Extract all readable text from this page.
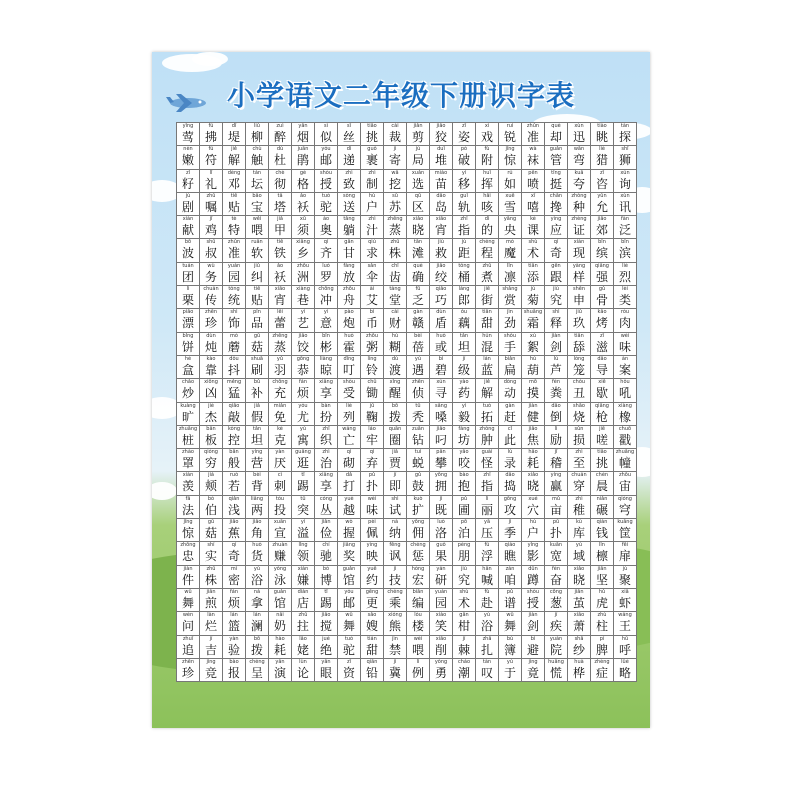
小学语文二年级下册识字表
yīng
莺
fú
拂
dī
堤
liǔ
柳
zuì
醉
yān
烟
sì
似
sī
丝
tiāo
挑
cái
裁
jiǎn
剪
jiǎo
狡
zī
姿
xì
戏
ruì
锐
zhǔn
准
què
却
xùn
迅
tiào
眺
tàn
探
nèn
嫩
fú
符
jiě
解
chù
触
dù
杜
juān
鹃
yóu
邮
dì
递
guǒ
裹
jì
寄
jú
局
duī
堆
pò
破
fù
附
jīng
惊
wà
袜
guǎn
管
wān
弯
liè
猎
shī
狮
zǐ
籽
lǐ
礼
dèng
邓
tán
坛
chè
彻
gé
格
shòu
授
zhì
致
zhì
制
wā
挖
xuǎn
选
miáo
苗
yí
移
huī
挥
rú
如
pēn
喷
tǐng
挺
kuā
夸
zī
咨
xún
询
jù
剧
zhǔ
嘱
tiē
贴
bǎo
宝
tǎ
塔
ǎo
袄
tuó
驼
sòng
送
hù
户
sū
苏
qū
区
dǎo
岛
guǐ
轨
hāi
咳
xuě
雪
xī
嘻
chān
搀
zhǒng
种
yǔn
允
xùn
讯
xiàn
献
jī
鸡
tè
特
wěi
喂
jiǎ
甲
xū
须
ào
奥
tǎng
躺
zhì
汁
zhēng
蒸
xiǎo
晓
xiāo
宵
zhǐ
指
dì
的
yāng
央
kè
课
yìng
应
zhèng
证
jiāo
郊
fàn
泛
bō
波
shū
叔
zhǔn
准
ruǎn
软
tiě
铁
xiāng
乡
qí
齐
gān
甘
qiú
求
zhū
株
tān
滩
jiù
救
jù
距
chéng
程
mó
魔
shù
术
qí
奇
xiàn
现
bīn
缤
bīn
滨
tuán
团
wù
务
yuán
园
jiǔ
纠
ǎo
袄
zhōu
洲
luó
罗
fàng
放
sǎn
伞
chǐ
齿
què
确
jiǎo
绞
tǒng
桶
zhǔ
煮
lǐn
凛
tiān
添
gēn
跟
yàng
样
qiǎng
强
liè
烈
lì
栗
chuán
传
tǒng
统
tiē
贴
xiāo
宵
xiàng
巷
chōng
冲
zhōu
舟
ài
艾
táng
堂
fū
乏
qiǎo
巧
láng
郎
jiē
街
shǎng
赏
jú
菊
jiù
究
shēn
申
gǔ
骨
lèi
类
piāo
漂
zhēn
珍
shì
饰
pǐn
品
lěi
蕾
yì
艺
yì
意
pào
炮
bì
币
cái
财
gàn
赣
dùn
盾
ǒu
藕
tiān
甜
jìn
劲
shuāng
霜
shì
释
jiǔ
玖
kǎo
烤
ròu
肉
bǐng
饼
dùn
炖
mó
蘑
gū
菇
zhēng
蒸
jiǎo
饺
bīn
彬
huò
霍
zhōu
粥
hú
糊
bèi
蓓
huò
或
tǎn
坦
hún
混
shǒu
手
xù
絮
jiàn
剑
tiǎn
舔
zī
滋
wèi
味
hé
盒
kào
靠
dǒu
抖
shuā
刷
yǔ
羽
gōng
恭
liàng
晾
dīng
叮
líng
铃
dù
渡
yù
遇
bì
碧
jí
级
lán
蓝
biǎn
扁
hú
葫
lú
芦
lóng
笼
dǎo
导
àn
案
chǎo
炒
xiōng
凶
měng
猛
bǔ
补
chōng
充
fán
烦
xiǎng
享
shòu
受
chū
锄
xǐng
醒
zhēn
侦
xún
寻
yào
药
jiě
解
dòng
动
mō
摸
fèn
粪
chǒu
丑
xiē
歇
hǒu
吼
kuàng
旷
jié
杰
qiāo
敲
jiǎ
假
miǎn
免
yóu
尤
bàn
扮
liè
列
jū
鞠
bō
拨
tū
秃
sǎng
嗓
yì
毅
tuò
拓
gàn
赶
jiàn
健
dǎo
倒
shāo
烧
qiāng
枪
xiàng
橡
zhuāng
桩
bǎn
板
kòng
控
tǎn
坦
kè
克
yù
寓
zhī
织
wáng
亡
láo
牢
quān
圈
zuān
钻
jiǎo
叼
fáng
坊
zhǒng
肿
cǐ
此
jiāo
焦
lì
励
sǔn
损
jiē
嗟
chuō
戳
zhào
罩
qióng
穷
bān
般
yíng
营
yàn
厌
guǎng
逛
zhì
治
qì
砌
qì
弃
jiǎ
贾
tuì
蜕
pān
攀
yǎo
咬
guài
怪
lù
录
hǎo
耗
jī
稽
zhì
至
tiāo
挑
zhuāng
幢
xiàn
羡
jiá
颊
ruò
若
bèi
背
cì
刺
tī
踢
xiǎng
享
dǎ
打
pǔ
扑
jí
即
gǔ
鼓
yōng
拥
bào
抱
zhǐ
指
dǎo
捣
xiǎo
晓
yíng
赢
chuán
穿
chén
晨
zhōu
宙
fǎ
法
bó
伯
qiǎn
浅
liǎng
两
tóu
投
tū
突
cóng
丛
yuè
越
wèi
味
shì
试
kuò
扩
jì
既
pǔ
圃
lì
丽
gōng
攻
xué
穴
mǔ
亩
zhì
稚
niǎn
碾
qióng
穹
jīng
惊
gū
菇
jiāo
蕉
jiǎo
角
xuān
宣
yì
溢
jiǎn
俭
wò
握
pèi
佩
nà
纳
yōng
佣
luò
洛
pō
泊
yā
压
jì
季
hù
户
pū
扑
kù
库
qián
钱
kuāng
筐
zhōng
忠
shí
实
qí
奇
huò
货
zhuàn
赚
lǐng
领
chí
驰
jiǎng
奖
yìng
映
fěng
讽
chéng
惩
guǒ
果
péng
朋
fú
浮
qiáo
瞧
yǐng
影
kuān
宽
yù
域
lǐn
檩
fēi
扉
jiàn
件
zhū
株
mì
密
yù
浴
yǒng
泳
xián
嫌
bó
博
guǎn
馆
yuē
约
jì
技
hóng
宏
yán
研
jiù
究
hǎn
喊
zán
咱
dūn
蹲
fèn
奋
xiǎo
晓
jiān
坚
jù
聚
wǔ
舞
jiān
煎
fán
烦
ná
拿
guǎn
馆
diàn
店
tī
踢
yóu
邮
gēng
更
chéng
乘
biān
编
yuán
园
shù
术
fù
赴
pǔ
谱
shòu
授
cōng
葱
jiān
茧
hǔ
虎
xiā
虾
wèn
问
làn
烂
lán
篮
lán
澜
nǎi
奶
zhǔ
拄
jiǎo
搅
wǔ
舞
sǎo
嫂
xióng
熊
lóu
楼
xiào
笑
gān
柑
yù
浴
wǔ
舞
jiàn
剑
jí
疾
xiāo
萧
zhù
柱
wáng
王
zhuī
追
jí
吉
yàn
验
bō
拨
hào
耗
lǎo
姥
jué
绝
tuó
驼
tián
甜
jìn
禁
wèi
喂
xiāo
削
jí
棘
zhā
扎
bù
簿
bì
避
yuàn
院
shā
纱
pí
脾
hū
呼
zhēn
珍
jìng
竞
bào
报
chéng
呈
yǎn
演
lùn
论
yǎn
眼
zī
资
qiān
铅
jì
冀
lì
例
yǒng
勇
cháo
潮
tàn
叹
yú
于
jìng
竟
huāng
慌
huà
桦
zhèng
症
lüè
略
